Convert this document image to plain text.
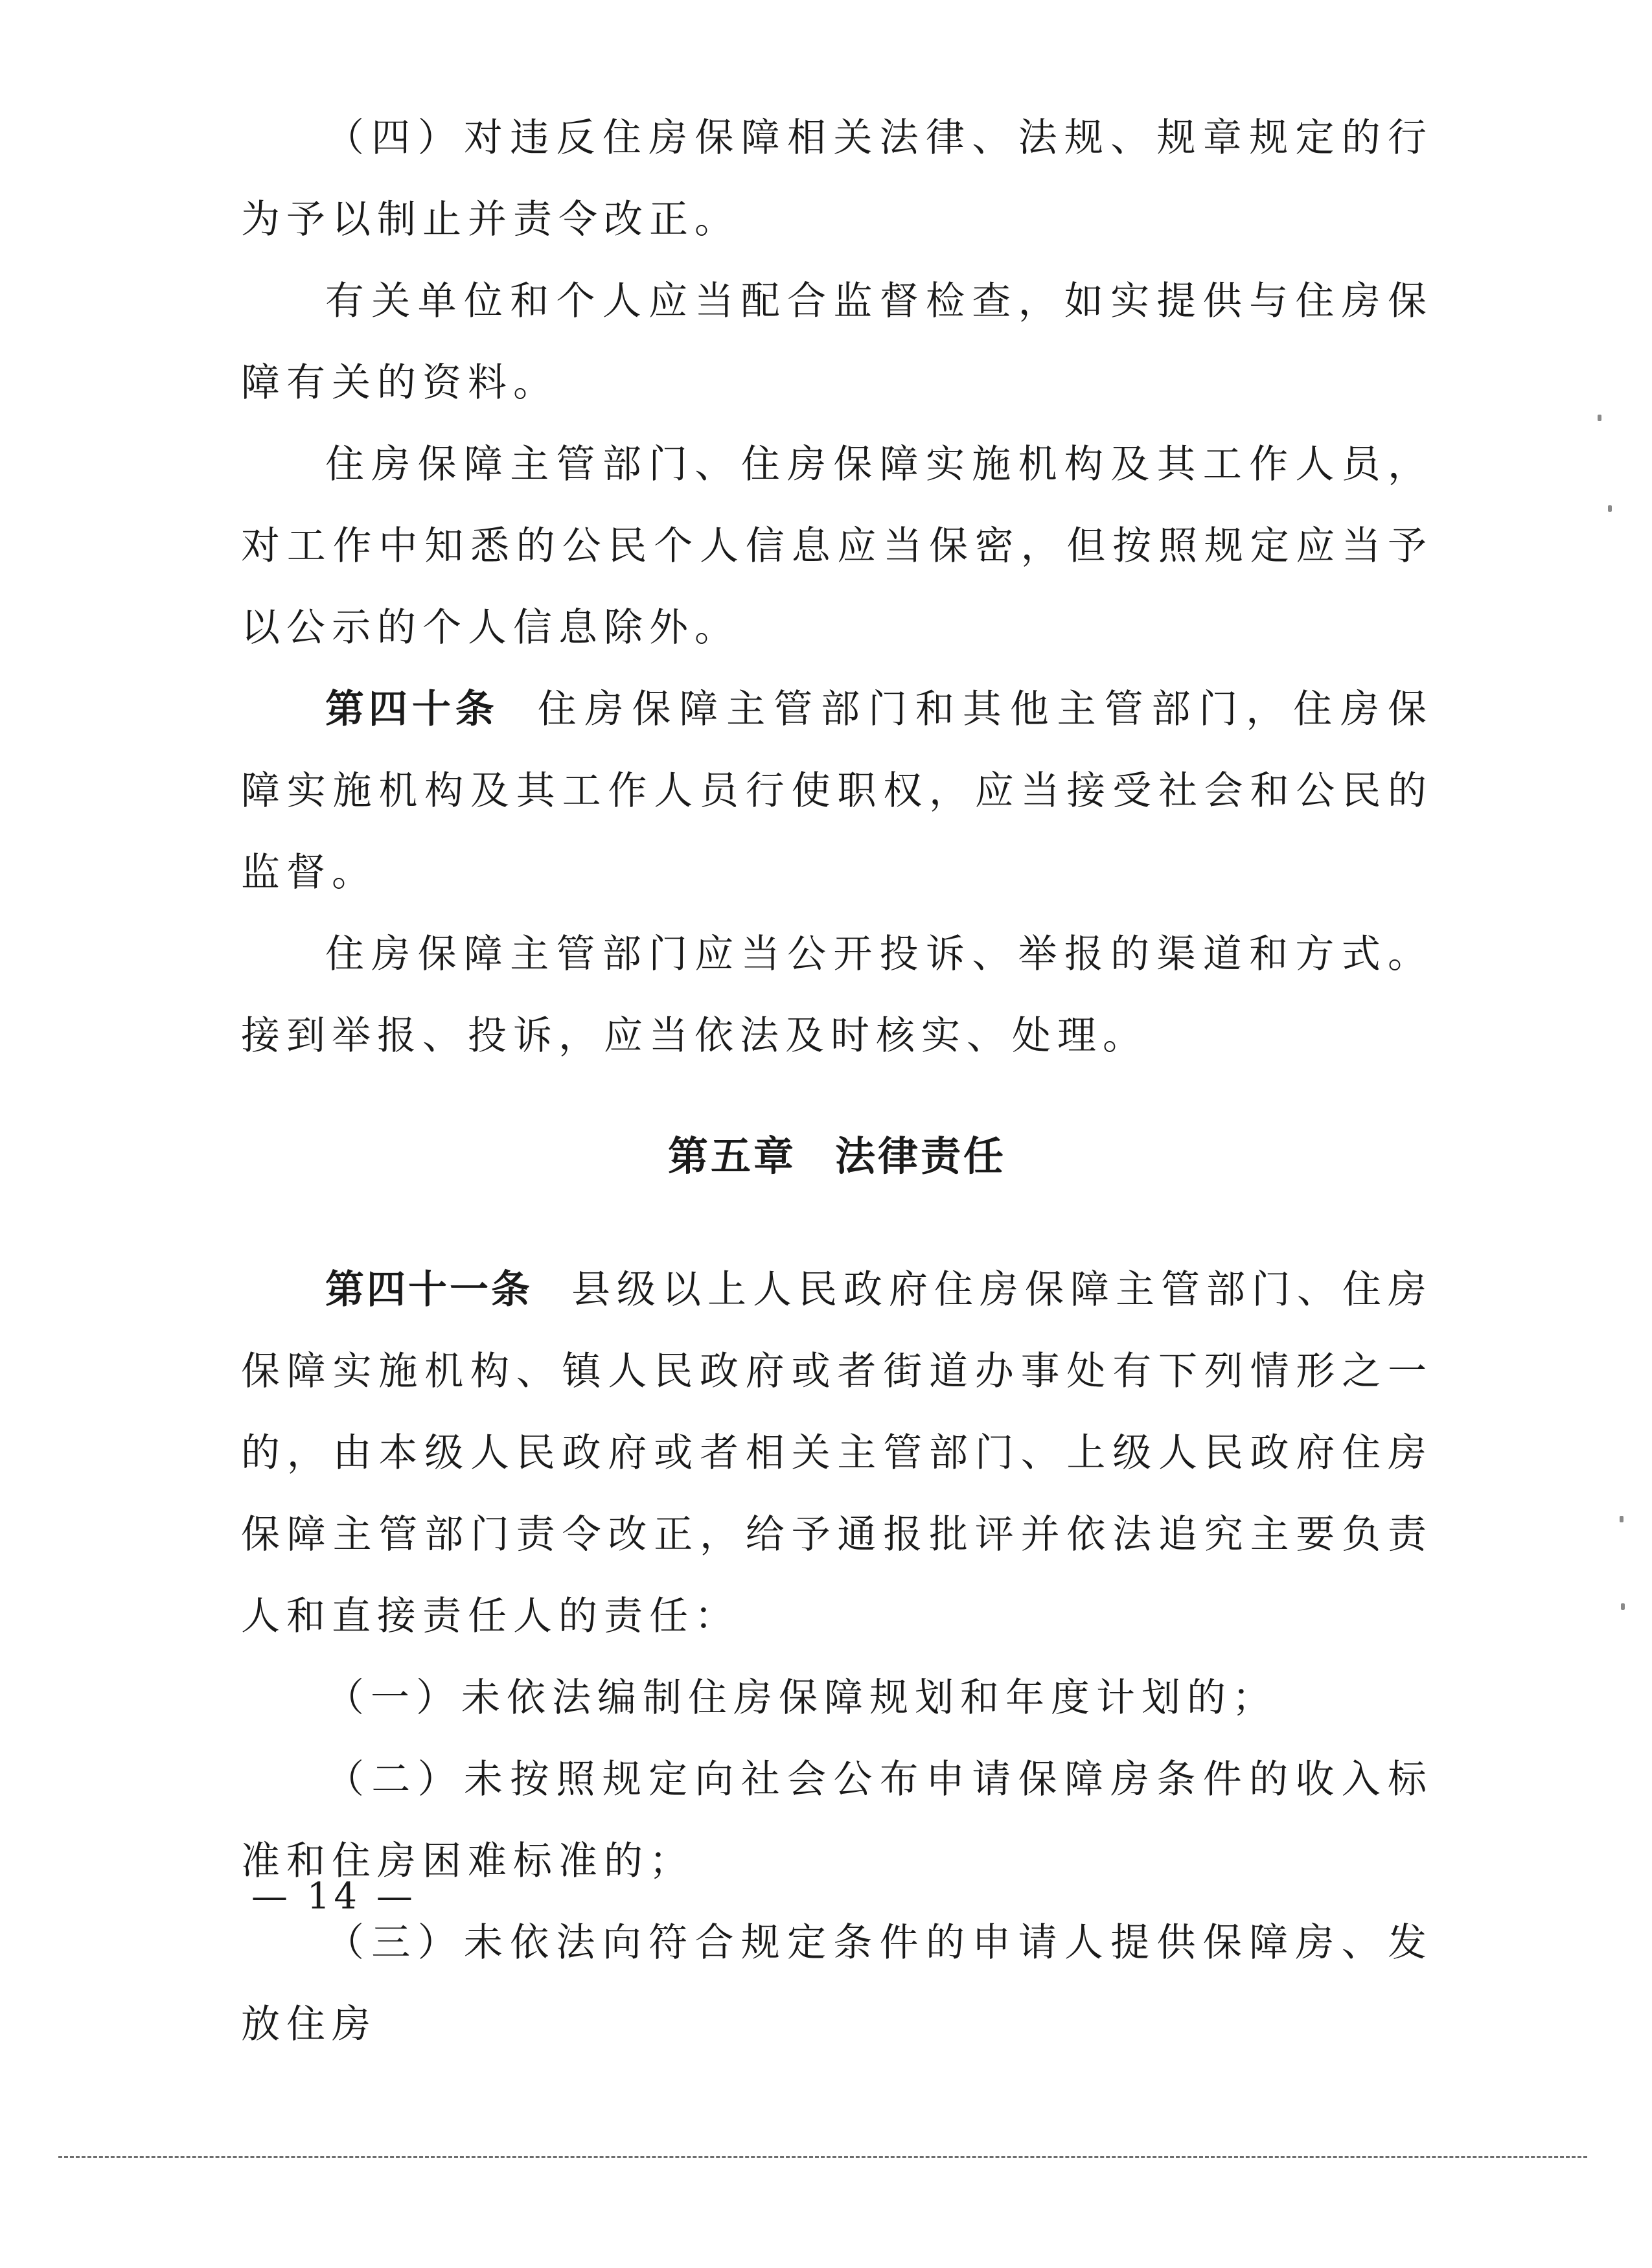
（四）对违反住房保障相关法律、法规、规章规定的行为予以制止并责令改正。

有关单位和个人应当配合监督检查，如实提供与住房保障有关的资料。

住房保障主管部门、住房保障实施机构及其工作人员，对工作中知悉的公民个人信息应当保密，但按照规定应当予以公示的个人信息除外。

第四十条 住房保障主管部门和其他主管部门，住房保障实施机构及其工作人员行使职权，应当接受社会和公民的监督。

住房保障主管部门应当公开投诉、举报的渠道和方式。接到举报、投诉，应当依法及时核实、处理。

第五章 法律责任

第四十一条 县级以上人民政府住房保障主管部门、住房保障实施机构、镇人民政府或者街道办事处有下列情形之一的，由本级人民政府或者相关主管部门、上级人民政府住房保障主管部门责令改正，给予通报批评并依法追究主要负责人和直接责任人的责任：

（一）未依法编制住房保障规划和年度计划的；

（二）未按照规定向社会公布申请保障房条件的收入标准和住房困难标准的；

（三）未依法向符合规定条件的申请人提供保障房、发放住房

— 14 —
